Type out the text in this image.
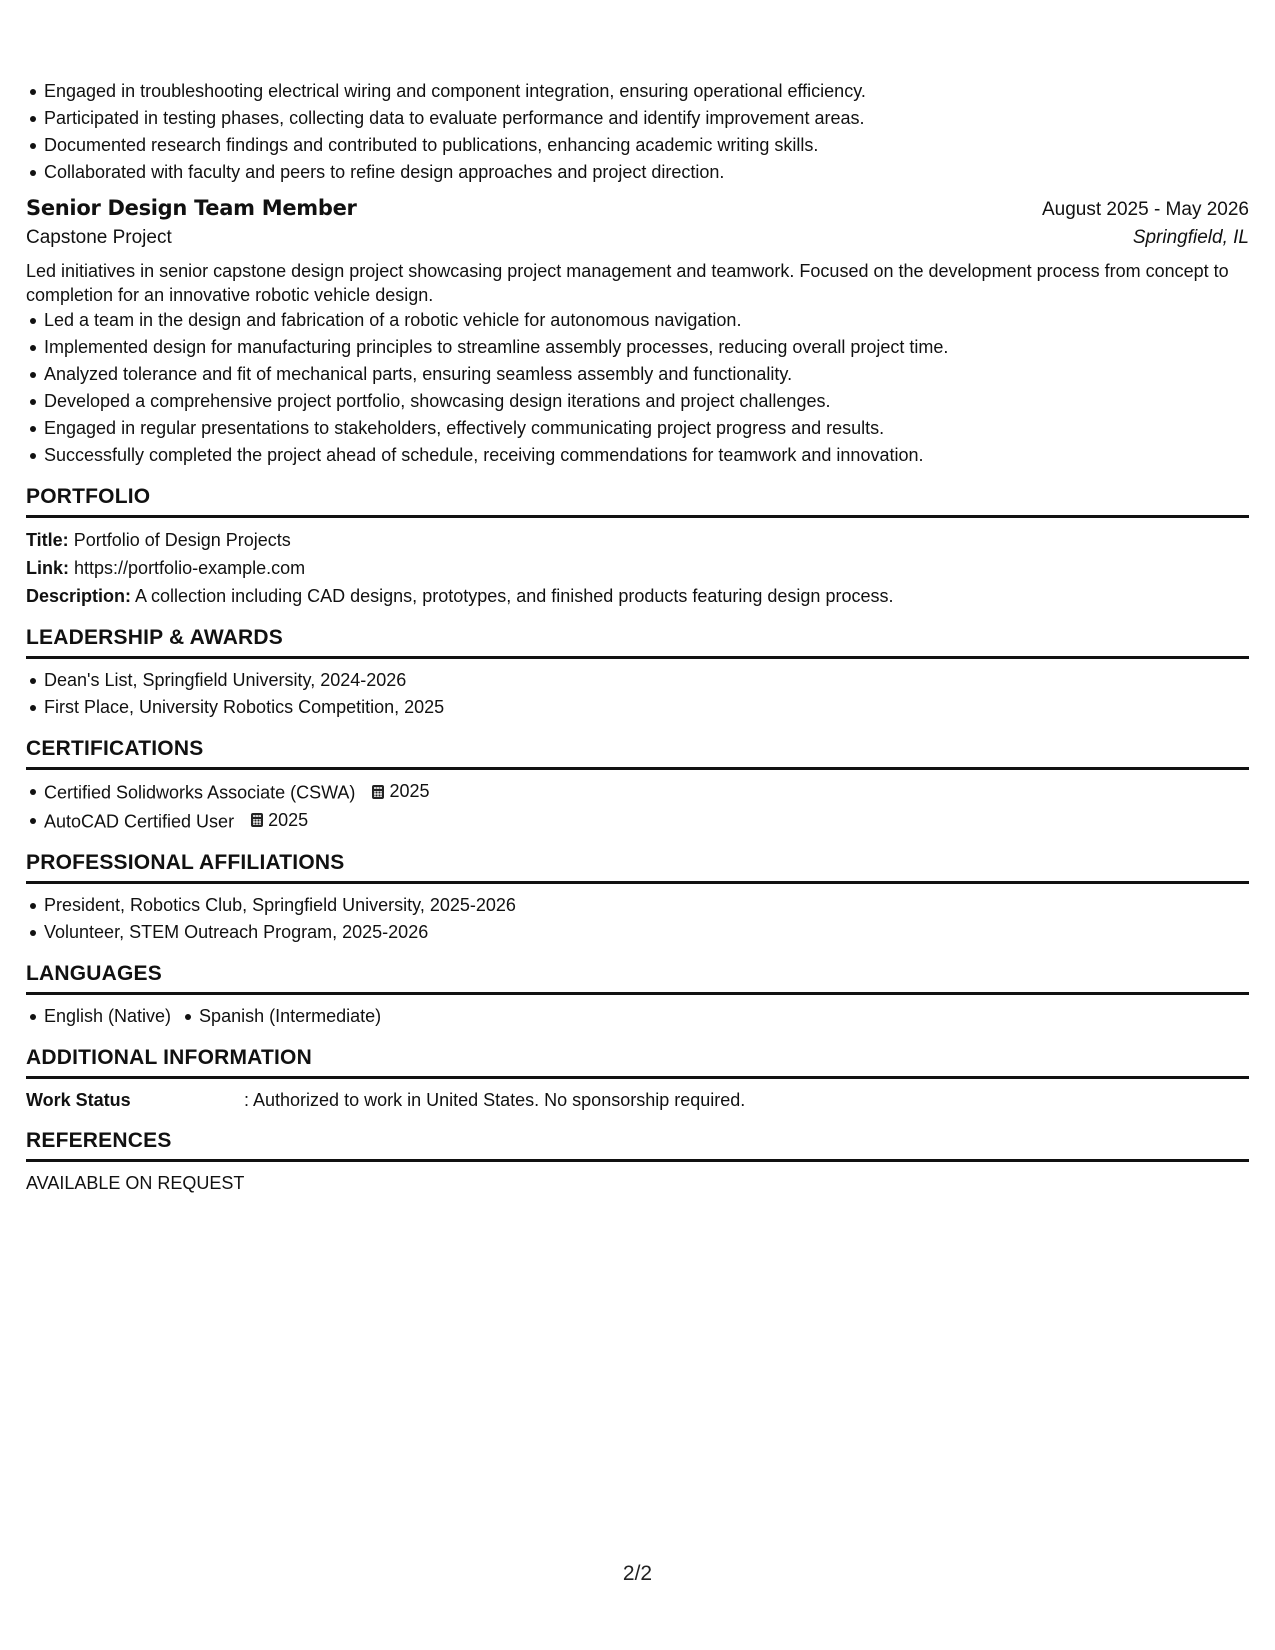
Engaged in troubleshooting electrical wiring and component integration, ensuring operational efficiency.
Participated in testing phases, collecting data to evaluate performance and identify improvement areas.
Documented research findings and contributed to publications, enhancing academic writing skills.
Collaborated with faculty and peers to refine design approaches and project direction.
Senior Design Team Member	August 2025 - May 2026
Capstone Project	Springfield, IL
Led initiatives in senior capstone design project showcasing project management and teamwork. Focused on the development process from concept to completion for an innovative robotic vehicle design.
Led a team in the design and fabrication of a robotic vehicle for autonomous navigation.
Implemented design for manufacturing principles to streamline assembly processes, reducing overall project time.
Analyzed tolerance and fit of mechanical parts, ensuring seamless assembly and functionality.
Developed a comprehensive project portfolio, showcasing design iterations and project challenges.
Engaged in regular presentations to stakeholders, effectively communicating project progress and results.
Successfully completed the project ahead of schedule, receiving commendations for teamwork and innovation.
PORTFOLIO
Title: Portfolio of Design Projects
Link: https://portfolio-example.com
Description: A collection including CAD designs, prototypes, and finished products featuring design process.
LEADERSHIP & AWARDS
Dean's List, Springfield University, 2024-2026
First Place, University Robotics Competition, 2025
CERTIFICATIONS
Certified Solidworks Associate (CSWA) 2025
AutoCAD Certified User 2025
PROFESSIONAL AFFILIATIONS
President, Robotics Club, Springfield University, 2025-2026
Volunteer, STEM Outreach Program, 2025-2026
LANGUAGES
English (Native) Spanish (Intermediate)
ADDITIONAL INFORMATION
Work Status	: Authorized to work in United States. No sponsorship required.
REFERENCES
AVAILABLE ON REQUEST
2/2
